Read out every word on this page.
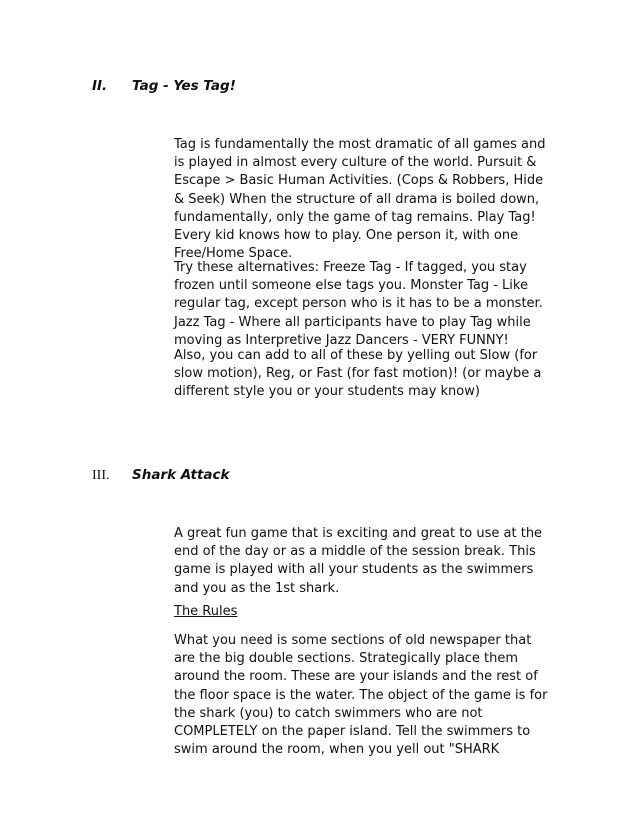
II. Tag - Yes Tag!

Tag is fundamentally the most dramatic of all games and
is played in almost every culture of the world. Pursuit &
Escape > Basic Human Activities. (Cops & Robbers, Hide
& Seek) When the structure of all drama is boiled down,
fundamentally, only the game of tag remains. Play Tag!
Every kid knows how to play. One person it, with one
Free/Home Space.

Try these alternatives: Freeze Tag - If tagged, you stay
frozen until someone else tags you. Monster Tag - Like
regular tag, except person who is it has to be a monster.
Jazz Tag - Where all participants have to play Tag while
moving as Interpretive Jazz Dancers - VERY FUNNY!

Also, you can add to all of these by yelling out Slow (for
slow motion), Reg, or Fast (for fast motion)! (or maybe a
different style you or your students may know)

III. Shark Attack

A great fun game that is exciting and great to use at the
end of the day or as a middle of the session break. This
game is played with all your students as the swimmers
and you as the 1st shark.

The Rules

What you need is some sections of old newspaper that
are the big double sections. Strategically place them
around the room. These are your islands and the rest of
the floor space is the water. The object of the game is for
the shark (you) to catch swimmers who are not
COMPLETELY on the paper island. Tell the swimmers to
swim around the room, when you yell out "SHARK
